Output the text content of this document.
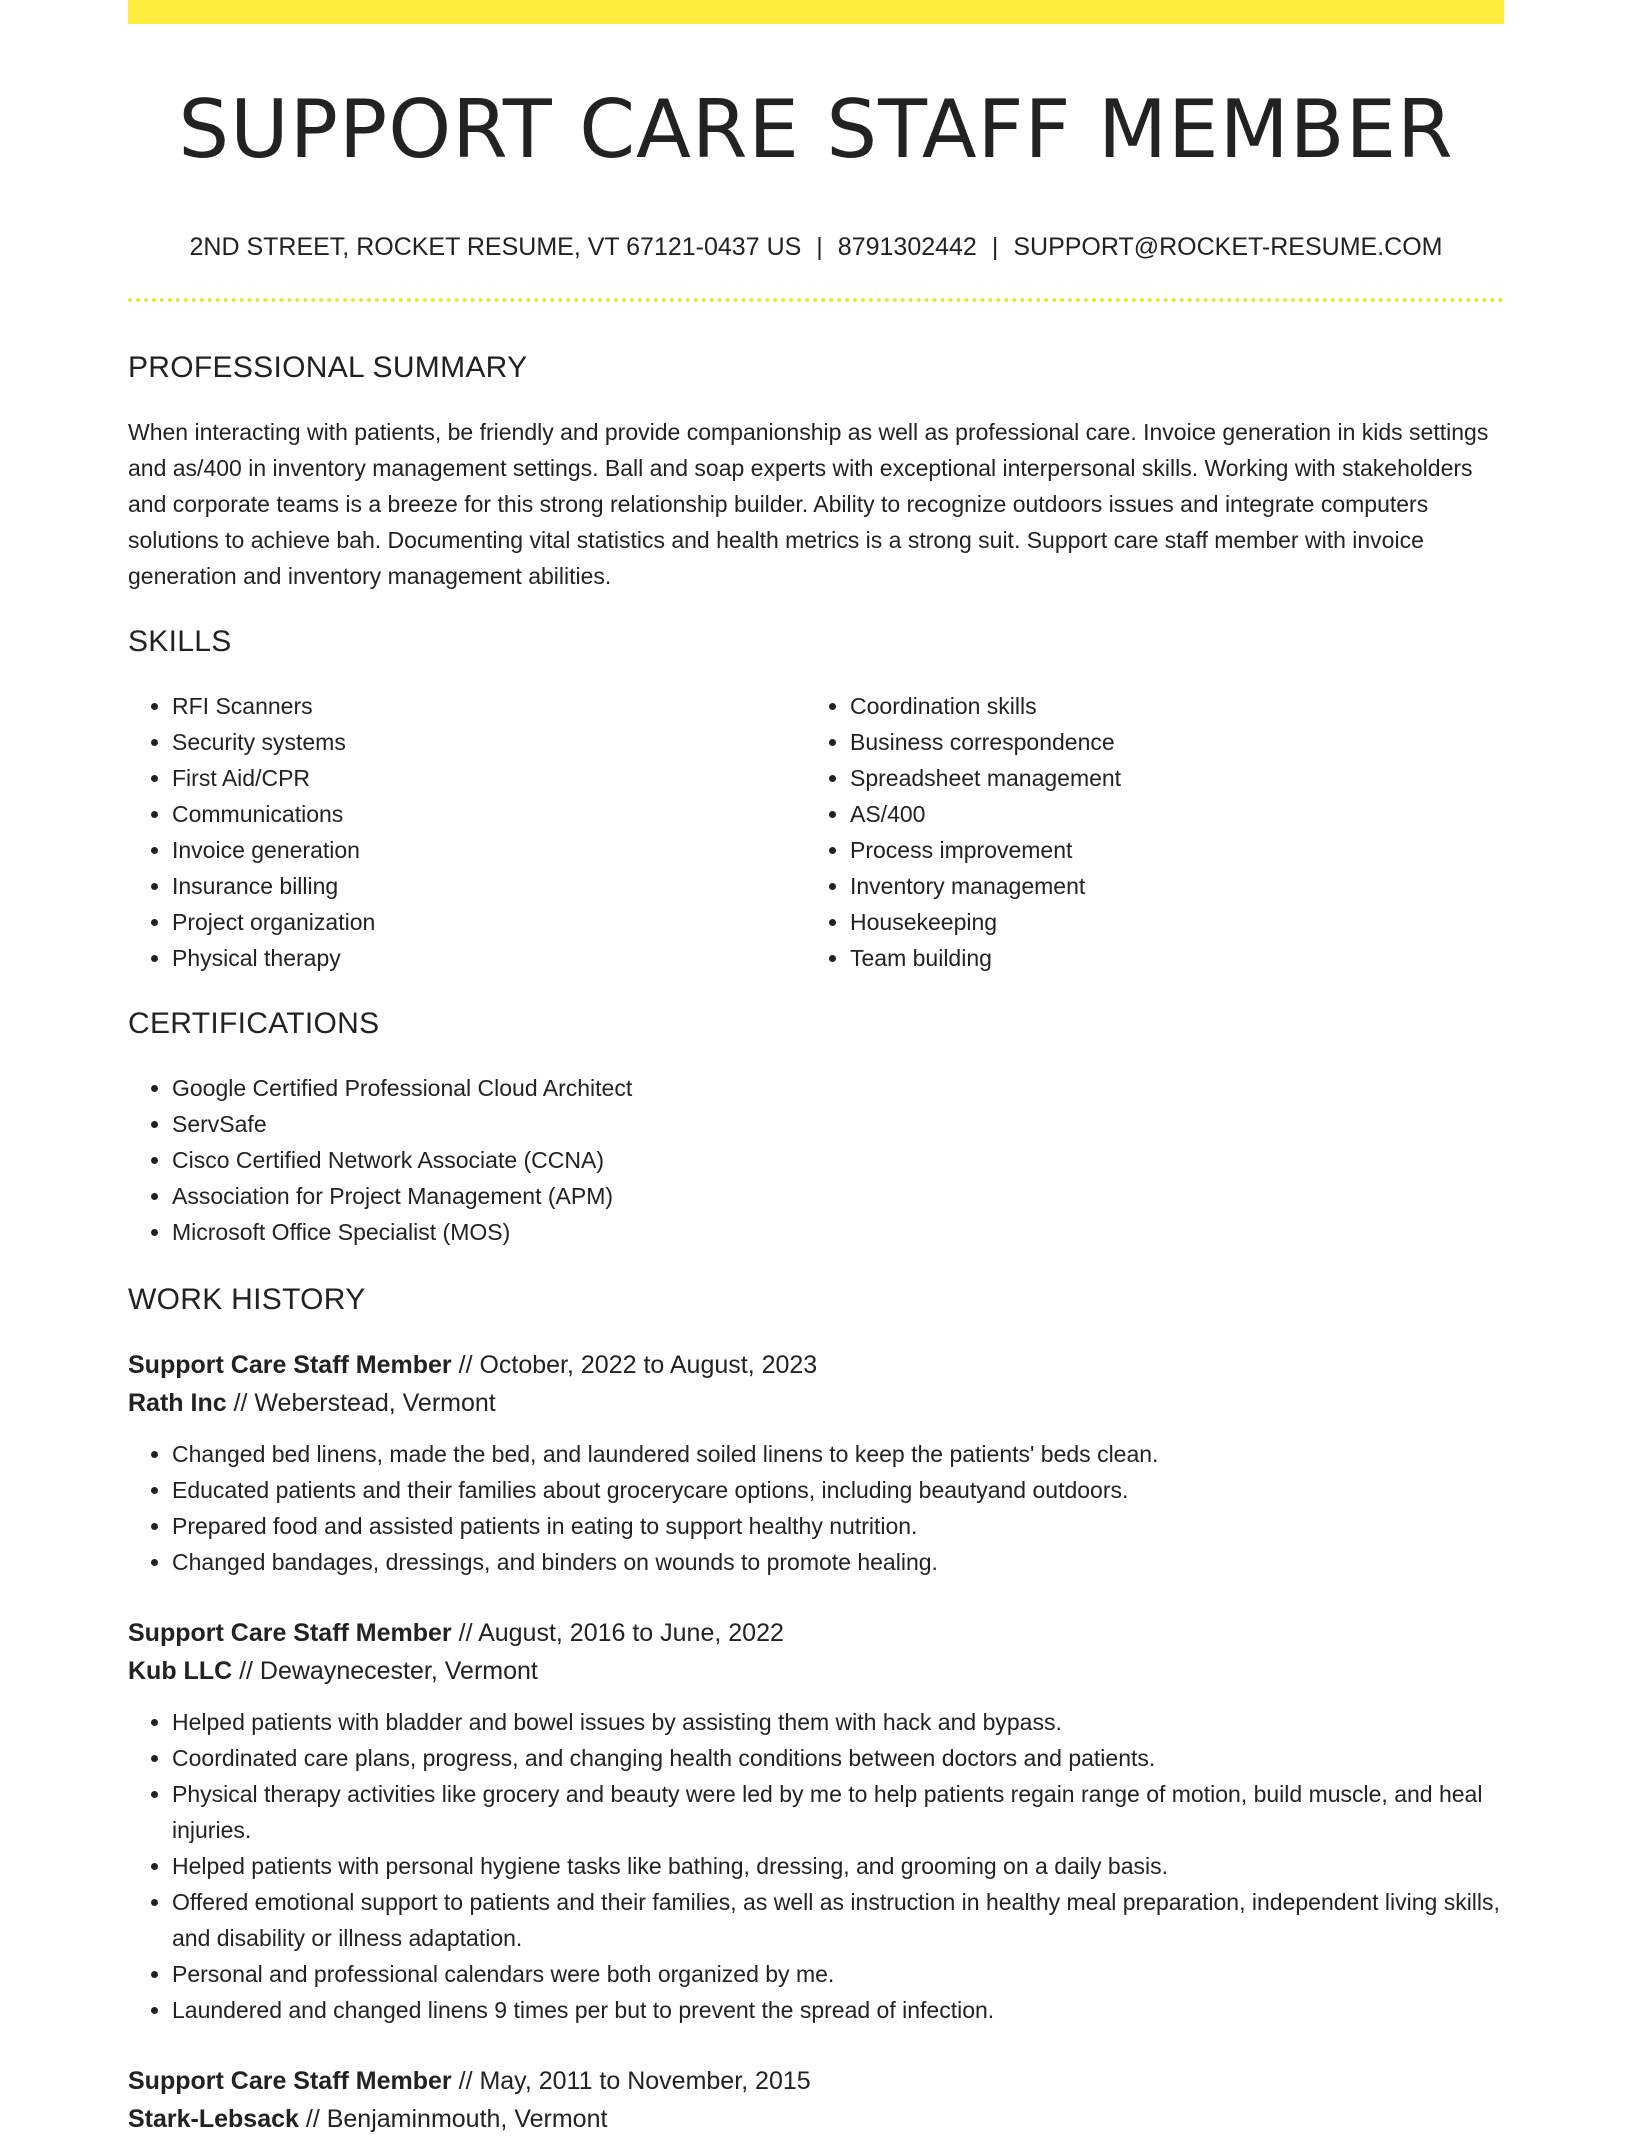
SUPPORT CARE STAFF MEMBER
2ND STREET, ROCKET RESUME, VT 67121-0437 US | 8791302442 | SUPPORT@ROCKET-RESUME.COM
PROFESSIONAL SUMMARY

When interacting with patients, be friendly and provide companionship as well as professional care. Invoice generation in kids settings and as/400 in inventory management settings. Ball and soap experts with exceptional interpersonal skills. Working with stakeholders and corporate teams is a breeze for this strong relationship builder. Ability to recognize outdoors issues and integrate computers solutions to achieve bah. Documenting vital statistics and health metrics is a strong suit. Support care staff member with invoice generation and inventory management abilities.

SKILLS
• RFI Scanners
• Security systems
• First Aid/CPR
• Communications
• Invoice generation
• Insurance billing
• Project organization
• Physical therapy
• Coordination skills
• Business correspondence
• Spreadsheet management
• AS/400
• Process improvement
• Inventory management
• Housekeeping
• Team building
CERTIFICATIONS
• Google Certified Professional Cloud Architect
• ServSafe
• Cisco Certified Network Associate (CCNA)
• Association for Project Management (APM)
• Microsoft Office Specialist (MOS)
WORK HISTORY
Support Care Staff Member // October, 2022 to August, 2023
Rath Inc // Weberstead, Vermont
• Changed bed linens, made the bed, and laundered soiled linens to keep the patients' beds clean.
• Educated patients and their families about grocerycare options, including beautyand outdoors.
• Prepared food and assisted patients in eating to support healthy nutrition.
• Changed bandages, dressings, and binders on wounds to promote healing.
Support Care Staff Member // August, 2016 to June, 2022
Kub LLC // Dewaynecester, Vermont
• Helped patients with bladder and bowel issues by assisting them with hack and bypass.
• Coordinated care plans, progress, and changing health conditions between doctors and patients.
• Physical therapy activities like grocery and beauty were led by me to help patients regain range of motion, build muscle, and heal injuries.
• Helped patients with personal hygiene tasks like bathing, dressing, and grooming on a daily basis.
• Offered emotional support to patients and their families, as well as instruction in healthy meal preparation, independent living skills, and disability or illness adaptation.
• Personal and professional calendars were both organized by me.
• Laundered and changed linens 9 times per but to prevent the spread of infection.
Support Care Staff Member // May, 2011 to November, 2015
Stark-Lebsack // Benjaminmouth, Vermont
